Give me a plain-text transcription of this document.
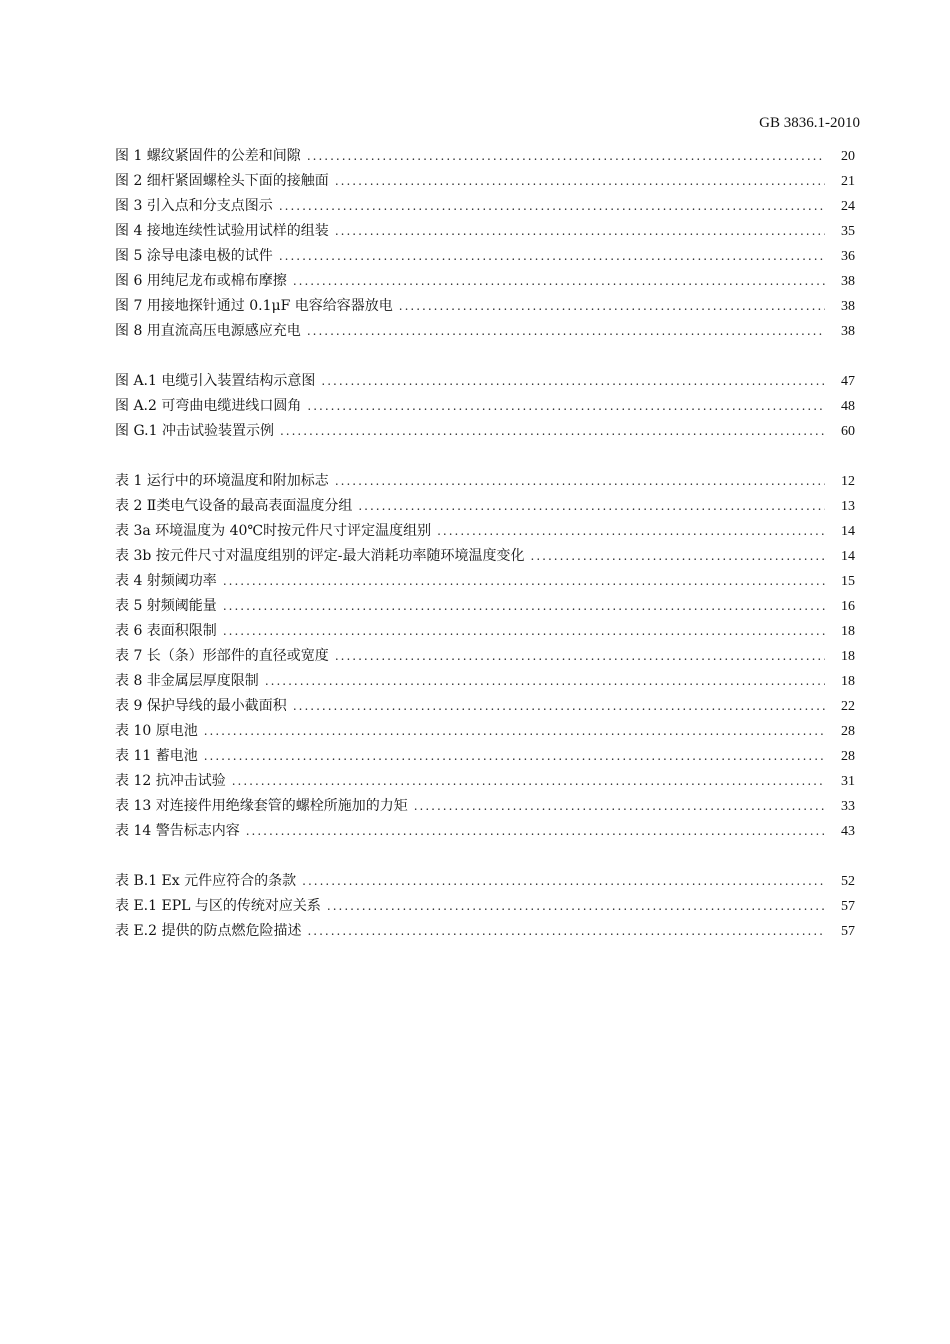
GB 3836.1-2010
图 1 螺纹紧固件的公差和间隙 .....	20
图 2 细杆紧固螺栓头下面的接触面 .....	21
图 3 引入点和分支点图示 .....	24
图 4 接地连续性试验用试样的组装 .....	35
图 5 涂导电漆电极的试件 .....	36
图 6 用纯尼龙布或棉布摩擦 .....	38
图 7 用接地探针通过 0.1μF 电容给容器放电 .....	38
图 8 用直流高压电源感应充电 .....	38
图 A.1 电缆引入装置结构示意图 .....	47
图 A.2 可弯曲电缆进线口圆角 .....	48
图 G.1 冲击试验装置示例 .....	60
表 1 运行中的环境温度和附加标志 .....	12
表 2 Ⅱ类电气设备的最高表面温度分组 .....	13
表 3a 环境温度为 40℃时按元件尺寸评定温度组别 .....	14
表 3b 按元件尺寸对温度组别的评定-最大消耗功率随环境温度变化 .....	14
表 4 射频阈功率 .....	15
表 5 射频阈能量 .....	16
表 6 表面积限制 .....	18
表 7 长（条）形部件的直径或宽度 .....	18
表 8 非金属层厚度限制 .....	18
表 9 保护导线的最小截面积 .....	22
表 10 原电池 .....	28
表 11 蓄电池 .....	28
表 12 抗冲击试验 .....	31
表 13 对连接件用绝缘套管的螺栓所施加的力矩 .....	33
表 14 警告标志内容 .....	43
表 B.1 Ex 元件应符合的条款 .....	52
表 E.1 EPL 与区的传统对应关系 .....	57
表 E.2 提供的防点燃危险描述 .....	57
